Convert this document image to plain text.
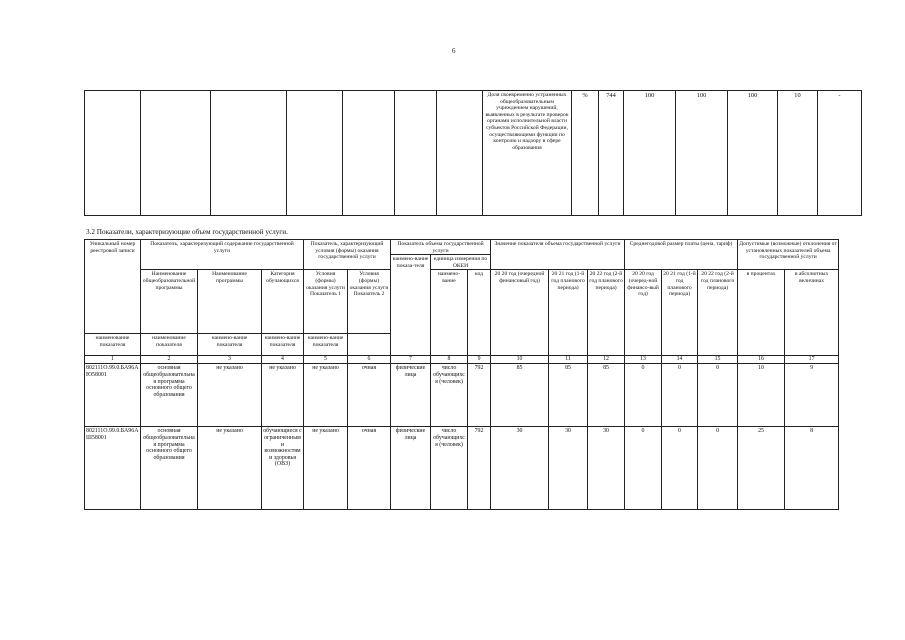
6
							Доля своевременно устраненных общеобразовательным учреждением нарушений, выявленных в результате проверок органами исполнительной власти субъектов Российской Федерации, осуществляющими функции по контролю и надзору в сфере образования	%	744	100	100	100	10	-
3.2 Показатели, характеризующие объем государственной услуги.
Уникальный номер реестровой записи	Показатель, характеризующий содержание государственной услуги			Показатель, характеризующий условия (формы) оказания государственной услуги		Показатель объема государственной услуги			Значение показателя объема государственной услуги			Среднегодовой размер платы (цена, тариф)			Допустимые (возможные) отклонения от установленных показателей объема государственной услуги	
						наимено-вание показа-теля	единица измерения по ОКЕИ									
	Наименование общеобразовательной программы	Наименование программы	Категория обучающихся	Условия (формы) оказания услуги Показатель 1	Условия (формы) оказания услуги Показатель 2		наимено-вание	код	20 20 год (очередной финансовый год)	20 21 год (1-й год планового периода)	20 22 год (2-й год планового периода)	20 20 год (очеред-ной финансо-вый год)	20 21 год (1-й год планового периода)	20 22 год (2-й год планового периода)	в процентах	в абсолютных величинах
наименование показателя	наименование показателя	наимено-вание показателя	наимено-вание показателя	наимено-вание показателя												
1	2	3	4	5	6	7	8	9	10	11	12	13	14	15	16	17
802111О.99.0.БА96АЮ58001	основная общеобразовательная программа основного общего образования	не указано	не указано	не указано	очная	физические лица	число обучающихся (человек)	792	85	85	85	0	0	0	10	9
802111О.99.0.БА96АШ58001	основная общеобразовательная программа основного общего образования	не указано	обучающиеся с ограниченными возможностями здоровья (ОВЗ)	не указано	очная	физические лица	число обучающихся (человек)	792	30	30	30	0	0	0	25	8
